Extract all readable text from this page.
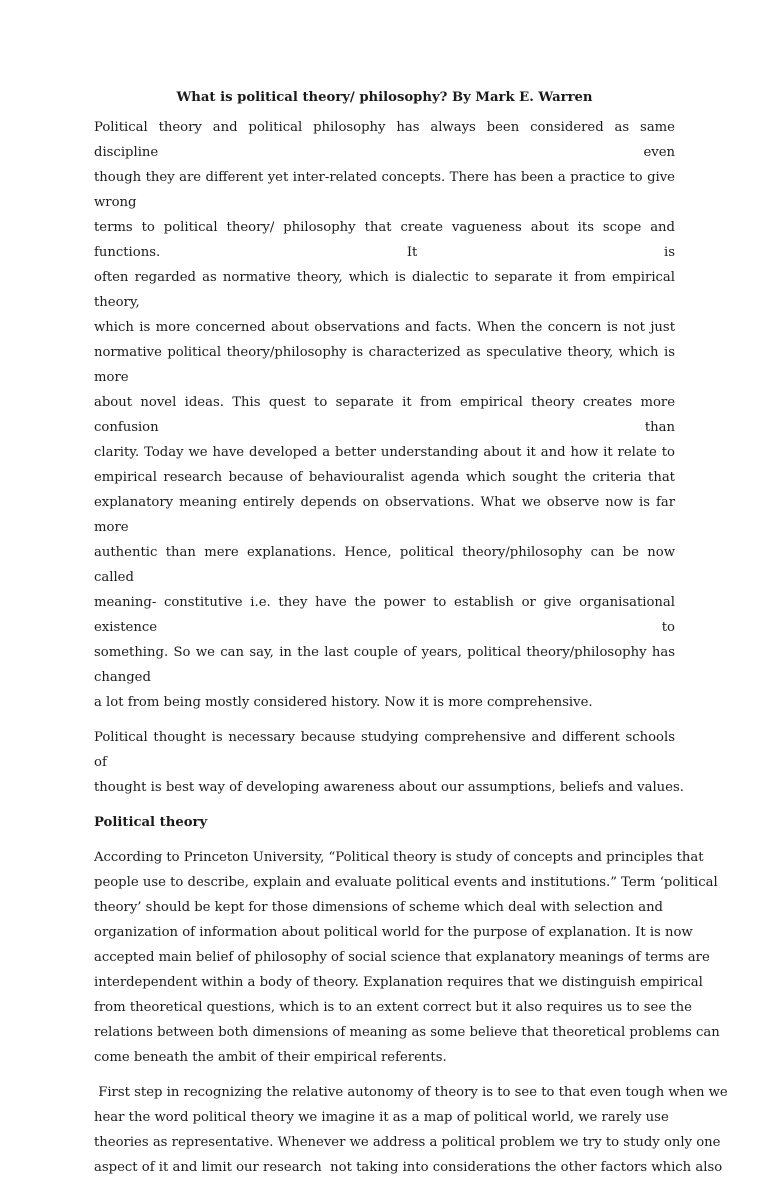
What is political theory/ philosophy? By Mark E. Warren
Political theory and political philosophy has always been considered as same discipline even
though they are different yet inter-related concepts. There has been a practice to give wrong
terms to political theory/ philosophy that create vagueness about its scope and functions. It is
often regarded as normative theory, which is dialectic to separate it from empirical theory,
which is more concerned about observations and facts. When the concern is not just
normative political theory/philosophy is characterized as speculative theory, which is more
about novel ideas. This quest to separate it from empirical theory creates more confusion than
clarity. Today we have developed a better understanding about it and how it relate to
empirical research because of behaviouralist agenda which sought the criteria that
explanatory meaning entirely depends on observations. What we observe now is far more
authentic than mere explanations. Hence, political theory/philosophy can be now called
meaning- constitutive i.e. they have the power to establish or give organisational existence to
something. So we can say, in the last couple of years, political theory/philosophy has changed
a lot from being mostly considered history. Now it is more comprehensive.
Political thought is necessary because studying comprehensive and different schools of
thought is best way of developing awareness about our assumptions, beliefs and values.
Political theory
According to Princeton University, “Political theory is study of concepts and principles that
people use to describe, explain and evaluate political events and institutions.” Term ‘political
theory’ should be kept for those dimensions of scheme which deal with selection and
organization of information about political world for the purpose of explanation. It is now
accepted main belief of philosophy of social science that explanatory meanings of terms are
interdependent within a body of theory. Explanation requires that we distinguish empirical
from theoretical questions, which is to an extent correct but it also requires us to see the
relations between both dimensions of meaning as some believe that theoretical problems can
come beneath the ambit of their empirical referents.
First step in recognizing the relative autonomy of theory is to see to that even tough when we
hear the word political theory we imagine it as a map of political world, we rarely use
theories as representative. Whenever we address a political problem we try to study only one
aspect of it and limit our research  not taking into considerations the other factors which also
